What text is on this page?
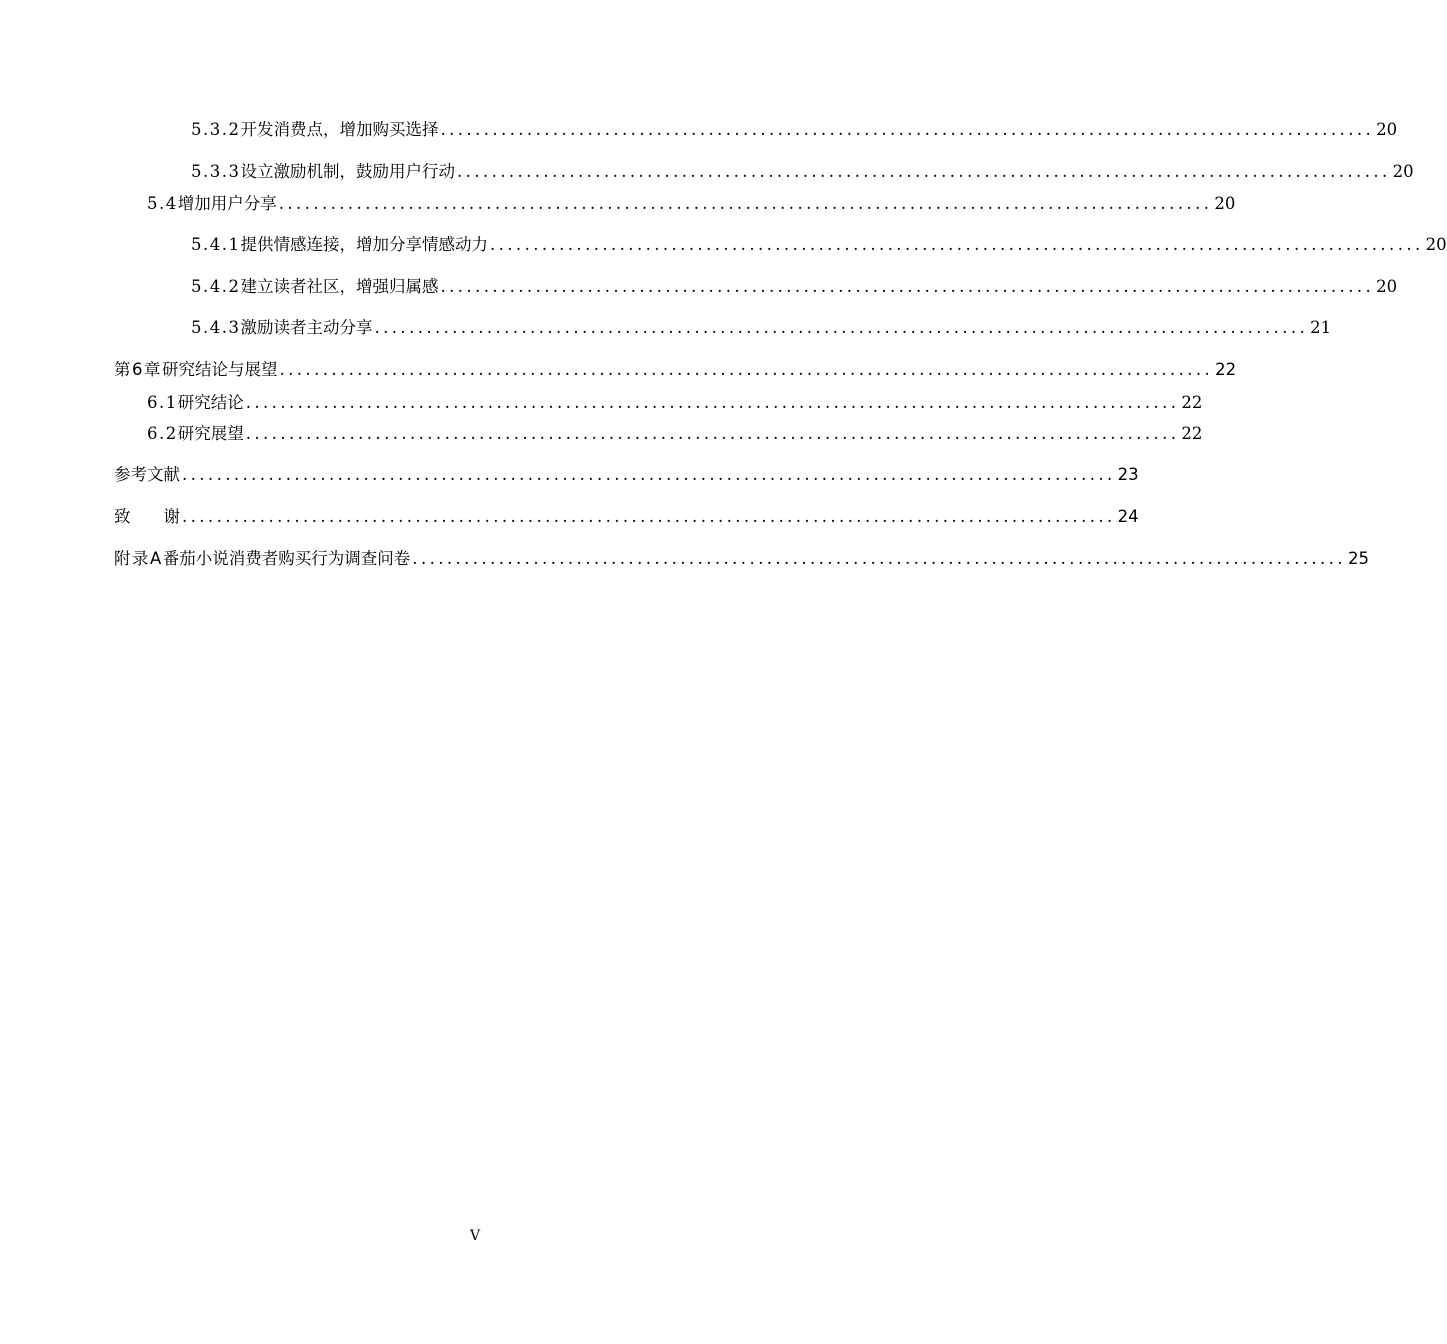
5.3.2 开发消费点，增加购买选择 ............................................................................................................ 20
5.3.3 设立激励机制，鼓励用户行动 ............................................................................................................ 20
5.4 增加用户分享 ............................................................................................................ 20
5.4.1 提供情感连接，增加分享情感动力 ............................................................................................................ 20
5.4.2 建立读者社区，增强归属感 ............................................................................................................ 20
5.4.3 激励读者主动分享 ............................................................................................................ 21
第6章 研究结论与展望 ............................................................................................................ 22
6.1 研究结论 ............................................................................................................ 22
6.2 研究展望 ............................................................................................................ 22
参考文献 ............................................................................................................ 23
致　　谢 ............................................................................................................ 24
附录A 番茄小说消费者购买行为调查问卷 ............................................................................................................ 25
V
